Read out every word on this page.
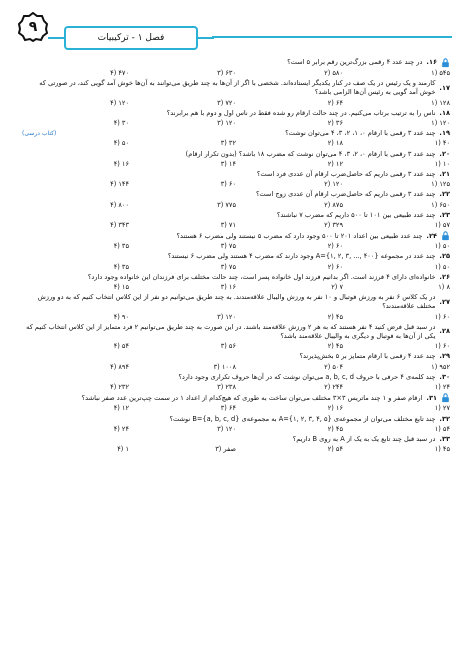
فصل ۱ - ترکیبیات
۹
۱۶.
در چند عدد ۴ رقمی بزرگ‌ترین رقم برابر ۵ است؟
۵۴۵ (۱
۵۸۰ (۲
۶۳۰ (۳
۴۷۰ (۴
۱۷.
کارمند و یک رئیس در یک صف در کنار یکدیگر ایستاده‌اند. شخصی با اگر از آن‌ها به چند طریق می‌توانند به آن‌ها خوش آمد گویی کند، در صورتی که خوش آمد گویی به رئیس آن‌ها الزامی باشد؟
۱۲۸ (۱
۶۴ (۲
۷۲۰ (۳
۱۲۰ (۴
۱۸.
ناس را به ترتیب برتاب می‌کنیم. در چند حالت ارقام رو شده فقط در ناس اول و دوم با هم برابرند؟
۱۲۰ (۱
۳۶ (۲
۱۲۰ (۳
۳۰ (۴
۱۹.
چند عدد ۳ رقمی با ارقام ۰، ۱، ۲، ۳، ۴ می‌توان نوشت؟
(کتاب درسی)
۴۰ (۱
۱۸ (۲
۳۲ (۳
۵۰ (۴
۲۰.
چند عدد ۳ رقمی با ارقام ۰، ۲، ۳، ۴ می‌توان نوشت که مضرب ۱۸ باشد؟ (بدون تکرار ارقام)
۱۰ (۱
۱۲ (۲
۱۴ (۳
۱۶ (۴
۲۱.
چند عدد ۳ رقمی داریم که حاصل‌ضرب ارقام آن عددی فرد است؟
۱۲۵ (۱
۱۲۰ (۲
۶۰ (۳
۱۴۴ (۴
۲۲.
چند عدد ۳ رقمی داریم که حاصل‌ضرب ارقام آن عددی زوج است؟
۶۵۰ (۱
۸۷۵ (۲
۷۷۵ (۳
۸۰۰ (۴
۲۳.
چند عدد طبیعی بین ۱۰۱ تا ۵۰۰ داریم که مضرب ۷ نباشند؟
۵۷ (۱
۳۲۹ (۲
۷۱ (۳
۳۴۳ (۴
۲۴.
چند عدد طبیعی بین اعداد ۲۰۱ تا ۵۰۰ وجود دارد که مضرب ۵ نیستند ولی مضرب ۶ هستند؟
۵۰ (۱
۶۰ (۲
۷۵ (۳
۳۵ (۴
۲۵.
چند عدد در مجموعه {۴۰۰ ,... ,۳ ,۲ ,۱}=A وجود دارند که مضرب ۴ هستند ولی مضرب ۶ نیستند؟
۵۰ (۱
۶۰ (۲
۷۵ (۳
۳۵ (۴
۲۶.
خانواده‌ای دارای ۴ فرزند است. اگر بدانیم فرزند اول خانواده پسر است، چند حالت مختلف برای فرزندان این خانواده وجود دارد؟
۸ (۱
۷ (۲
۱۶ (۳
۱۵ (۴
۲۷.
در یک کلاس ۶ نفر به ورزش فوتبال و ۱۰ نفر به ورزش والیبال علاقه‌مندند. به چند طریق می‌توانیم دو نفر از این کلاس انتخاب کنیم که به دو ورزش مختلف علاقه‌مندند؟
۶۰ (۱
۴۵ (۲
۱۲۰ (۳
۹۰ (۴
۲۸.
در سبد قبل فرض کنید ۴ نفر هستند که به هر ۲ ورزش علاقه‌مند باشند. در این صورت به چند طریق می‌توانیم ۲ فرد متمایز از این کلاس انتخاب کنیم که یکی از آن‌ها به فوتبال و دیگری به والیبال علاقه‌مند باشد؟
۶۰ (۱
۴۵ (۲
۵۶ (۳
۵۴ (۴
۲۹.
چند عدد ۴ رقمی با ارقام متمایز بر ۵ بخش‌پذیرند؟
۹۵۲ (۱
۵۰۴ (۲
۱۰۰۸ (۳
۸۹۴ (۴
۳۰.
چند کلمه‌ی ۴ حرفی با حروف a, b, c, d می‌توان نوشت که در آن‌ها حروف تکراری وجود دارد؟
۲۴ (۱
۲۴۴ (۲
۲۳۸ (۳
۲۳۲ (۴
۳۱.
ارقام صفر و ۱ چند ماتریس ۳×۳ مختلف می‌توان ساخت به طوری که هیچ‌کدام از اعداد ۱ در سمت چپ‌ترین عدد صفر نباشد؟
۲۷ (۱
۱۶ (۲
۶۴ (۳
۱۲ (۴
۳۲.
چند تابع مختلف می‌توان از مجموعه‌ی {۵ ,۴ ,۳ ,۲ ,۱}=A به مجموعه‌ی {a, b, c, d}=B نوشت؟
۵۴ (۱
۴۵ (۲
۱۲۰ (۳
۲۴ (۴
۳۳.
در سبد قبل چند تابع یک به یک از A به روی B داریم؟
۴۵ (۱
۵۴ (۲
صفر (۳
۱ (۴
